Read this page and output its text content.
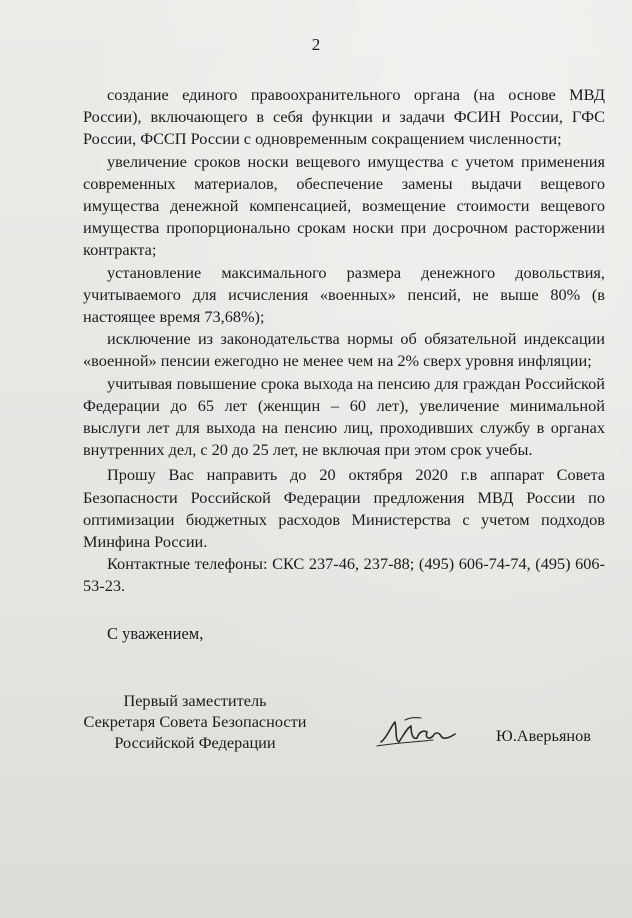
2

создание единого правоохранительного органа (на основе МВД России), включающего в себя функции и задачи ФСИН России, ГФС России, ФССП России с одновременным сокращением численности;

увеличение сроков носки вещевого имущества с учетом применения современных материалов, обеспечение замены выдачи вещевого имущества денежной компенсацией, возмещение стоимости вещевого имущества пропорционально срокам носки при досрочном расторжении контракта;

установление максимального размера денежного довольствия, учитываемого для исчисления «военных» пенсий, не выше 80% (в настоящее время 73,68%);

исключение из законодательства нормы об обязательной индексации «военной» пенсии ежегодно не менее чем на 2% сверх уровня инфляции;

учитывая повышение срока выхода на пенсию для граждан Российской Федерации до 65 лет (женщин – 60 лет), увеличение минимальной выслуги лет для выхода на пенсию лиц, проходивших службу в органах внутренних дел, с 20 до 25 лет, не включая при этом срок учебы.

Прошу Вас направить до 20 октября 2020 г.в аппарат Совета Безопасности Российской Федерации предложения МВД России по оптимизации бюджетных расходов Министерства с учетом подходов Минфина России.

Контактные телефоны: СКС 237-46, 237-88; (495) 606-74-74, (495) 606-53-23.

С уважением,
Первый заместитель
Секретаря Совета Безопасности
Российской Федерации	Ю.Аверьянов
